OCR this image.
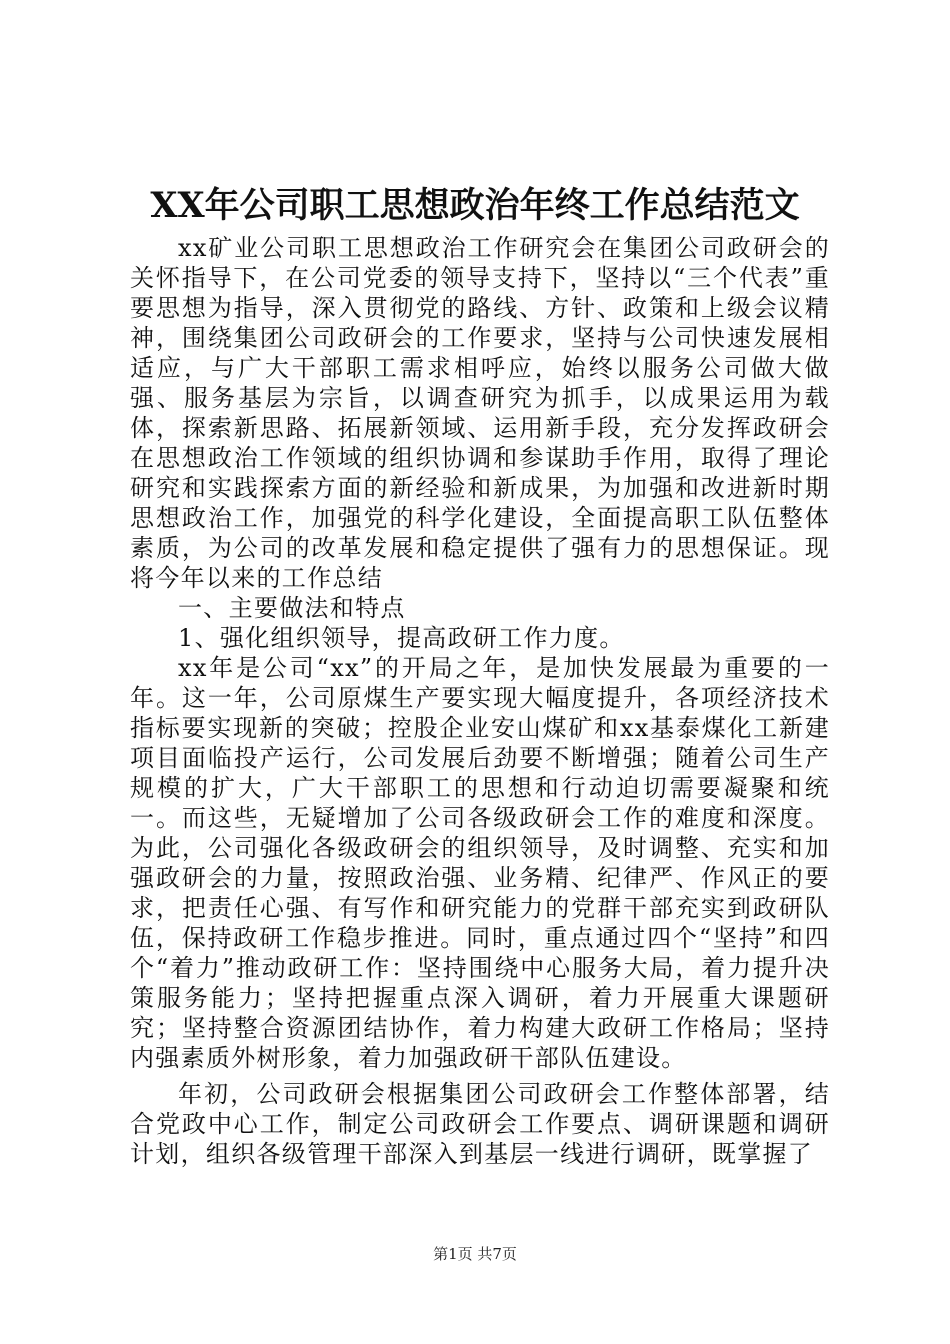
XX年公司职工思想政治年终工作总结范文

xx矿业公司职工思想政治工作研究会在集团公司政研会的关怀指导下，在公司党委的领导支持下，坚持以“三个代表”重要思想为指导，深入贯彻党的路线、方针、政策和上级会议精神，围绕集团公司政研会的工作要求，坚持与公司快速发展相适应，与广大干部职工需求相呼应，始终以服务公司做大做强、服务基层为宗旨，以调查研究为抓手，以成果运用为载体，探索新思路、拓展新领域、运用新手段，充分发挥政研会在思想政治工作领域的组织协调和参谋助手作用，取得了理论研究和实践探索方面的新经验和新成果，为加强和改进新时期思想政治工作，加强党的科学化建设，全面提高职工队伍整体素质，为公司的改革发展和稳定提供了强有力的思想保证。现将今年以来的工作总结

一、主要做法和特点

1、强化组织领导，提高政研工作力度。

xx年是公司“xx”的开局之年，是加快发展最为重要的一年。这一年，公司原煤生产要实现大幅度提升，各项经济技术指标要实现新的突破；控股企业安山煤矿和xx基泰煤化工新建项目面临投产运行，公司发展后劲要不断增强；随着公司生产规模的扩大，广大干部职工的思想和行动迫切需要凝聚和统一。而这些，无疑增加了公司各级政研会工作的难度和深度。为此，公司强化各级政研会的组织领导，及时调整、充实和加强政研会的力量，按照政治强、业务精、纪律严、作风正的要求，把责任心强、有写作和研究能力的党群干部充实到政研队伍，保持政研工作稳步推进。同时，重点通过四个“坚持”和四个“着力”推动政研工作：坚持围绕中心服务大局，着力提升决策服务能力；坚持把握重点深入调研，着力开展重大课题研究；坚持整合资源团结协作，着力构建大政研工作格局；坚持内强素质外树形象，着力加强政研干部队伍建设。

年初，公司政研会根据集团公司政研会工作整体部署，结合党政中心工作，制定公司政研会工作要点、调研课题和调研计划，组织各级管理干部深入到基层一线进行调研，既掌握了

第1页 共7页
